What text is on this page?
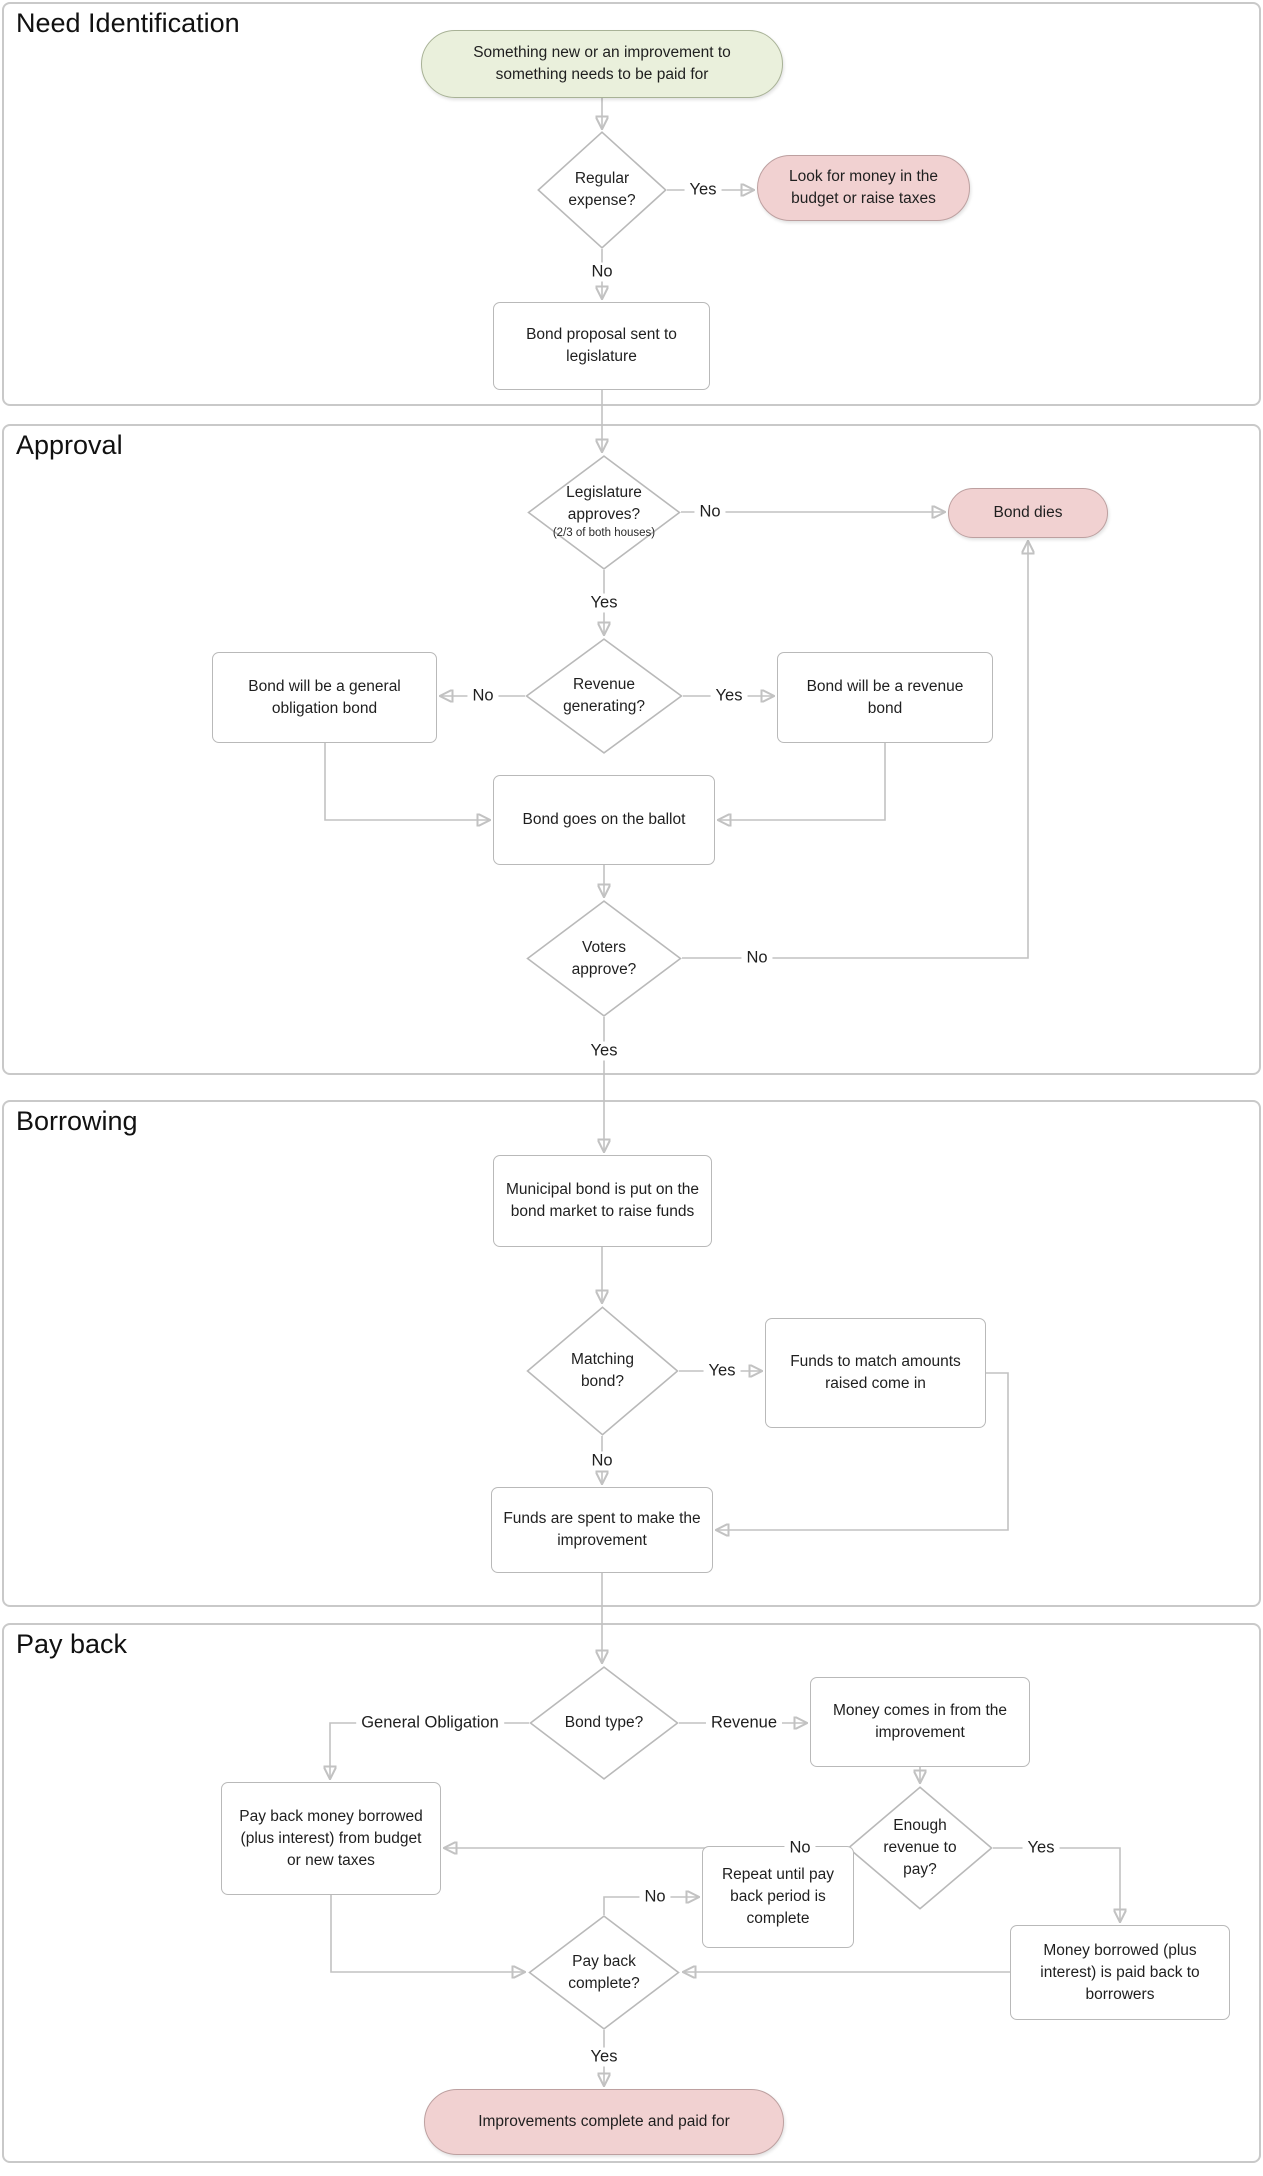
Need Identification
Approval
Borrowing
Pay back
Something new or an improvement to something needs to be paid for
Regular expense?
Look for money in the budget or raise taxes
Bond proposal sent to legislature
Legislature approves?
(2/3 of both houses)
Bond dies
Revenue generating?
Bond will be a general obligation bond
Bond will be a revenue bond
Bond goes on the ballot
Voters approve?
Municipal bond is put on the bond market to raise funds
Matching bond?
Funds to match amounts raised come in
Funds are spent to make the improvement
Bond type?
Money comes in from the improvement
Enough revenue to pay?
Pay back money borrowed (plus interest) from budget or new taxes
Repeat until pay back period is complete
Money borrowed (plus interest) is paid back to borrowers
Pay back complete?
Improvements complete and paid for
Yes
No
No
Yes
No	Yes
No
Yes
Yes
No
General Obligation	Revenue
No	Yes
No
Yes
